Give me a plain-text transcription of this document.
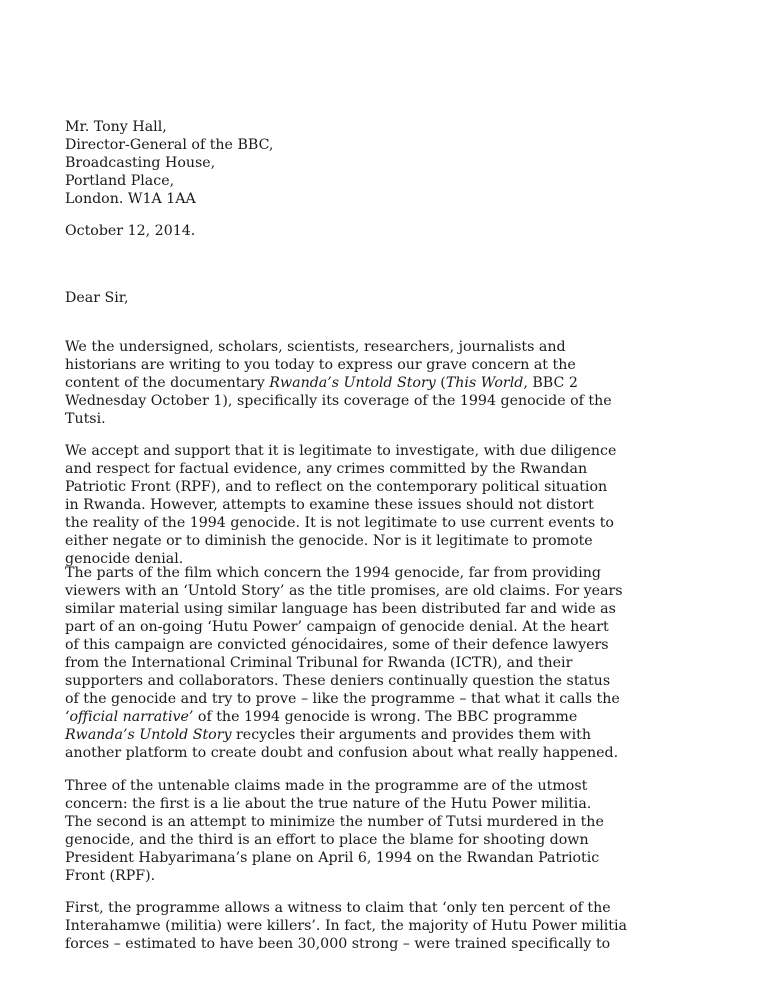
Mr. Tony Hall,
Director-General of the BBC,
Broadcasting House,
Portland Place,
London. W1A 1AA
October 12, 2014.
Dear Sir,
We the undersigned, scholars, scientists, researchers, journalists and
historians are writing to you today to express our grave concern at the
content of the documentary Rwanda’s Untold Story (This World, BBC 2
Wednesday October 1), specifically its coverage of the 1994 genocide of the
Tutsi.
We accept and support that it is legitimate to investigate, with due diligence
and respect for factual evidence, any crimes committed by the Rwandan
Patriotic Front (RPF), and to reflect on the contemporary political situation
in Rwanda. However, attempts to examine these issues should not distort
the reality of the 1994 genocide. It is not legitimate to use current events to
either negate or to diminish the genocide. Nor is it legitimate to promote
genocide denial.
The parts of the film which concern the 1994 genocide, far from providing
viewers with an ‘Untold Story’ as the title promises, are old claims. For years
similar material using similar language has been distributed far and wide as
part of an on-going ‘Hutu Power’ campaign of genocide denial. At the heart
of this campaign are convicted génocidaires, some of their defence lawyers
from the International Criminal Tribunal for Rwanda (ICTR), and their
supporters and collaborators. These deniers continually question the status
of the genocide and try to prove – like the programme – that what it calls the
‘official narrative’ of the 1994 genocide is wrong. The BBC programme
Rwanda’s Untold Story recycles their arguments and provides them with
another platform to create doubt and confusion about what really happened.
Three of the untenable claims made in the programme are of the utmost
concern: the first is a lie about the true nature of the Hutu Power militia.
The second is an attempt to minimize the number of Tutsi murdered in the
genocide, and the third is an effort to place the blame for shooting down
President Habyarimana’s plane on April 6, 1994 on the Rwandan Patriotic
Front (RPF).
First, the programme allows a witness to claim that ‘only ten percent of the
Interahamwe (militia) were killers’. In fact, the majority of Hutu Power militia
forces – estimated to have been 30,000 strong – were trained specifically to
